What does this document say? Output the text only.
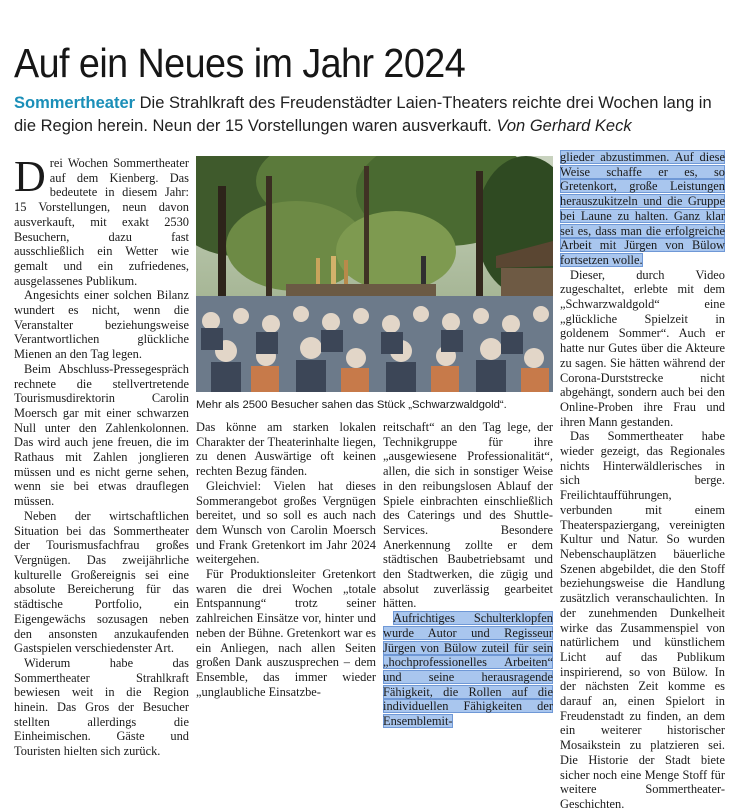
Auf ein Neues im Jahr 2024
Sommertheater Die Strahlkraft des Freudenstädter Laien-Theaters reichte drei Wochen lang in die Region herein. Neun der 15 Vorstellungen waren ausverkauft. Von Gerhard Keck

Drei Wochen Sommertheater auf dem Kienberg. Das bedeutete in diesem Jahr: 15 Vorstellungen, neun davon ausverkauft, mit exakt 2530 Besuchern, dazu fast ausschließlich ein Wetter wie gemalt und ein zufriedenes, ausgelassenes Publikum.

Angesichts einer solchen Bilanz wundert es nicht, wenn die Veranstalter beziehungsweise Verantwortlichen glückliche Mienen an den Tag legen.

Beim Abschluss-Pressegespräch rechnete die stellvertretende Tourismusdirektorin Carolin Moersch gar mit einer schwarzen Null unter den Zahlenkolonnen. Das wird auch jene freuen, die im Rathaus mit Zahlen jonglieren müssen und es nicht gerne sehen, wenn sie bei etwas drauflegen müssen.

Neben der wirtschaftlichen Situation bei das Sommertheater der Tourismusfachfrau großes Vergnügen. Das zweijährliche kulturelle Großereignis sei eine absolute Bereicherung für das städtische Portfolio, ein Eigengewächs sozusagen neben den ansonsten anzukaufenden Gastspielen verschiedenster Art.

Widerum habe das Sommertheater Strahlkraft bewiesen weit in die Region hinein. Das Gros der Besucher stellten allerdings die Einheimischen. Gäste und Touristen hielten sich zurück.

Mehr als 2500 Besucher sahen das Stück „Schwarzwaldgold“.

Das könne am starken lokalen Charakter der Theaterinhalte liegen, zu denen Auswärtige oft keinen rechten Bezug fänden.

Gleichviel: Vielen hat dieses Sommerangebot großes Vergnügen bereitet, und so soll es auch nach dem Wunsch von Carolin Moersch und Frank Gretenkort im Jahr 2024 weitergehen.

Für Produktionsleiter Gretenkort waren die drei Wochen „totale Entspannung“ trotz seiner zahlreichen Einsätze vor, hinter und neben der Bühne. Gretenkort war es ein Anliegen, nach allen Seiten großen Dank auszusprechen – dem Ensemble, das immer wieder „unglaubliche Einsatzbe-

reitschaft“ an den Tag lege, der Technikgruppe für ihre „ausgewiesene Professionalität“, allen, die sich in sonstiger Weise in den reibungslosen Ablauf der Spiele einbrachten einschließlich des Caterings und des Shuttle-Services. Besondere Anerkennung zollte er dem städtischen Baubetriebsamt und den Stadtwerken, die zügig und absolut zuverlässig gearbeitet hätten.

Aufrichtiges Schulterklopfen wurde Autor und Regisseur Jürgen von Bülow zuteil für sein „hochprofessionelles Arbeiten“ und seine herausragende Fähigkeit, die Rollen auf die individuellen Fähigkeiten der Ensemblemit-

glieder abzustimmen. Auf diese Weise schaffe er es, so Gretenkort, große Leistungen herauszukitzeln und die Gruppe bei Laune zu halten. Ganz klar sei es, dass man die erfolgreiche Arbeit mit Jürgen von Bülow fortsetzen wolle.

Dieser, durch Video zugeschaltet, erlebte mit dem „Schwarzwaldgold“ eine „glückliche Spielzeit in goldenem Sommer“. Auch er hatte nur Gutes über die Akteure zu sagen. Sie hätten während der Corona-Durststrecke nicht abgehängt, sondern auch bei den Online-Proben ihre Frau und ihren Mann gestanden.

Das Sommertheater habe wieder gezeigt, das Regionales nichts Hinterwäldlerisches in sich berge. Freilichtaufführungen, verbunden mit einem Theaterspaziergang, vereinigten Kultur und Natur. So wurden Nebenschauplätzen bäuerliche Szenen abgebildet, die den Stoff beziehungsweise die Handlung zusätzlich veranschaulichten. In der zunehmenden Dunkelheit wirke das Zusammenspiel von natürlichem und künstlichem Licht auf das Publikum inspirierend, so von Bülow. In der nächsten Zeit komme es darauf an, einen Spielort in Freudenstadt zu finden, an dem ein weiterer historischer Mosaikstein zu platzieren sei. Die Historie der Stadt biete sicher noch eine Menge Stoff für weitere Sommertheater-Geschichten.
